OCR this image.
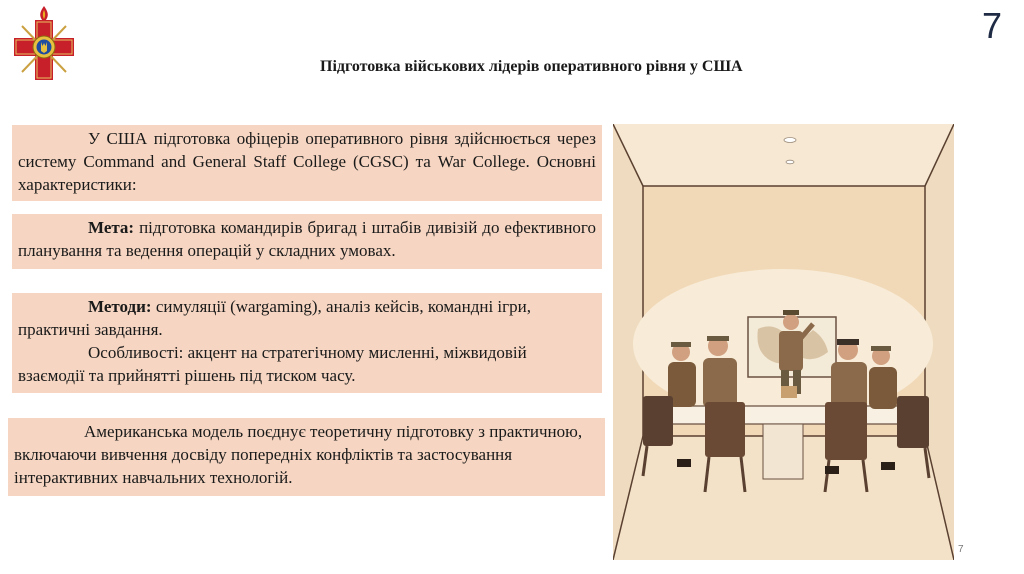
7
Підготовка військових лідерів оперативного рівня у США

У США підготовка офіцерів оперативного рівня здійснюється через систему Command and General Staff College (CGSC) та War College. Основні характеристики:

Мета: підготовка командирів бригад і штабів дивізій до ефективного планування та ведення операцій у складних умовах.

Методи: симуляції (wargaming), аналіз кейсів, командні ігри, практичні завдання.

Особливості: акцент на стратегічному мисленні, міжвидовій взаємодії та прийнятті рішень під тиском часу.

Американська модель поєднує теоретичну підготовку з практичною, включаючи вивчення досвіду попередніх конфліктів та застосування інтерактивних навчальних технологій.

7
